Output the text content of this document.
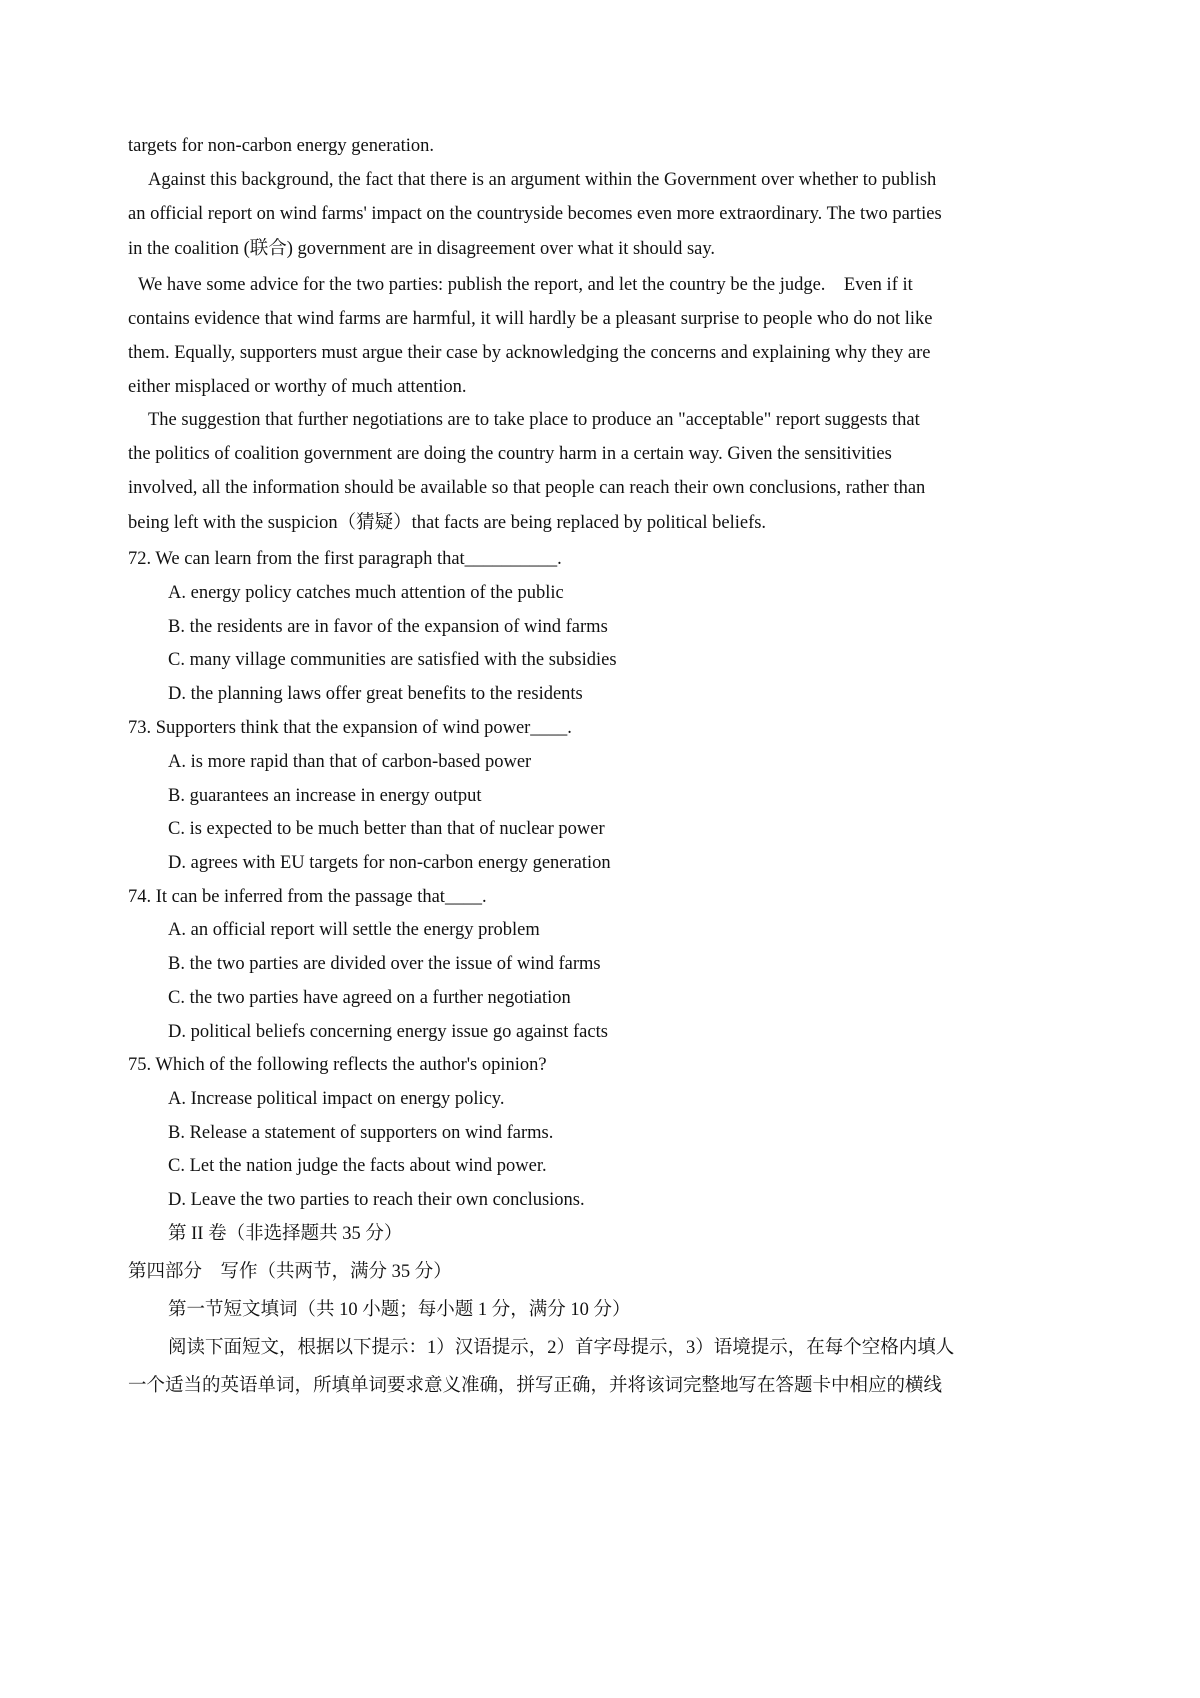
targets for non-carbon energy generation.
Against this background, the fact that there is an argument within the Government over whether to publish
an official report on wind farms' impact on the countryside becomes even more extraordinary. The two parties
in the coalition (联合) government are in disagreement over what it should say.
We have some advice for the two parties: publish the report, and let the country be the judge.    Even if it
contains evidence that wind farms are harmful, it will hardly be a pleasant surprise to people who do not like
them. Equally, supporters must argue their case by acknowledging the concerns and explaining why they are
either misplaced or worthy of much attention.
The suggestion that further negotiations are to take place to produce an "acceptable" report suggests that
the politics of coalition government are doing the country harm in a certain way. Given the sensitivities
involved, all the information should be available so that people can reach their own conclusions, rather than
being left with the suspicion（猜疑）that facts are being replaced by political beliefs.
72. We can learn from the first paragraph that__________.
A. energy policy catches much attention of the public
B. the residents are in favor of the expansion of wind farms
C. many village communities are satisfied with the subsidies
D. the planning laws offer great benefits to the residents
73. Supporters think that the expansion of wind power____.
A. is more rapid than that of carbon-based power
B. guarantees an increase in energy output
C. is expected to be much better than that of nuclear power
D. agrees with EU targets for non-carbon energy generation
74. It can be inferred from the passage that____.
A. an official report will settle the energy problem
B. the two parties are divided over the issue of wind farms
C. the two parties have agreed on a further negotiation
D. political beliefs concerning energy issue go against facts
75. Which of the following reflects the author's opinion?
A. Increase political impact on energy policy.
B. Release a statement of supporters on wind farms.
C. Let the nation judge the facts about wind power.
D. Leave the two parties to reach their own conclusions.
第 II 卷（非选择题共 35 分）
第四部分　写作（共两节，满分 35 分）
第一节短文填词（共 10 小题；每小题 1 分，满分 10 分）
阅读下面短文，根据以下提示：1）汉语提示，2）首字母提示，3）语境提示，在每个空格内填人
一个适当的英语单词，所填单词要求意义准确，拼写正确，并将该词完整地写在答题卡中相应的横线
